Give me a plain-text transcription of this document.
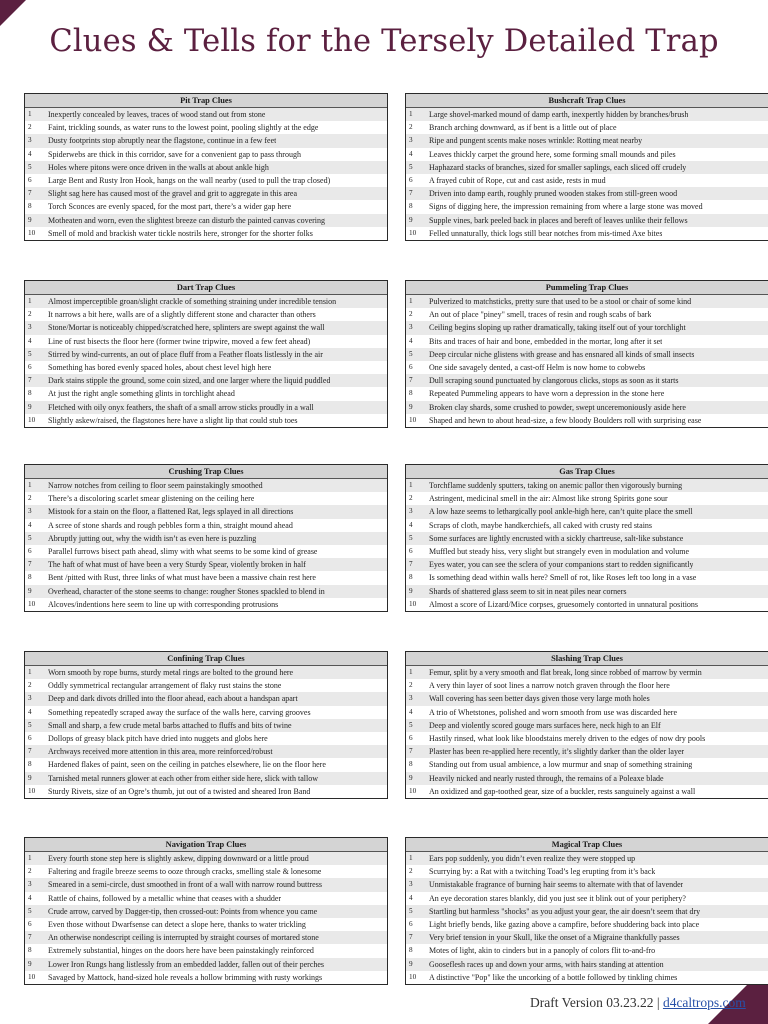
Clues & Tells for the Tersely Detailed Trap
Pit Trap Clues
1	Inexpertly concealed by leaves, traces of wood stand out from stone
2	Faint, trickling sounds, as water runs to the lowest point, pooling slightly at the edge
3	Dusty footprints stop abruptly near the flagstone, continue in a few feet
4	Spiderwebs are thick in this corridor, save for a convenient gap to pass through
5	Holes where pitons were once driven in the walls at about ankle high
6	Large Bent and Rusty Iron Hook, hangs on the wall nearby (used to pull the trap closed)
7	Slight sag here has caused most of the gravel and grit to aggregate in this area
8	Torch Sconces are evenly spaced, for the most part, there’s a wider gap here
9	Motheaten and worn, even the slightest breeze can disturb the painted canvas covering
10	Smell of mold and brackish water tickle nostrils here, stronger for the shorter folks
Bushcraft Trap Clues
1	Large shovel-marked mound of damp earth, inexpertly hidden by branches/brush
2	Branch arching downward, as if bent is a little out of place
3	Ripe and pungent scents make noses wrinkle: Rotting meat nearby
4	Leaves thickly carpet the ground here, some forming small mounds and piles
5	Haphazard stacks of branches, sized for smaller saplings, each sliced off crudely
6	A frayed cubit of Rope, cut and cast aside, rests in mud
7	Driven into damp earth, roughly pruned wooden stakes from still-green wood
8	Signs of digging here, the impression remaining from where a large stone was moved
9	Supple vines, bark peeled back in places and bereft of leaves unlike their fellows
10	Felled unnaturally, thick logs still bear notches from mis-timed Axe bites
Dart Trap Clues
1	Almost imperceptible groan/slight crackle of something straining under incredible tension
2	It narrows a bit here, walls are of a slightly different stone and character than others
3	Stone/Mortar is noticeably chipped/scratched here, splinters are swept against the wall
4	Line of rust bisects the floor here (former twine tripwire, moved a few feet ahead)
5	Stirred by wind-currents, an out of place fluff from a Feather floats listlessly in the air
6	Something has bored evenly spaced holes, about chest level high here
7	Dark stains stipple the ground, some coin sized, and one larger where the liquid puddled
8	At just the right angle something glints in torchlight ahead
9	Fletched with oily onyx feathers, the shaft of a small arrow sticks proudly in a wall
10	Slightly askew/raised, the flagstones here have a slight lip that could stub toes
Pummeling Trap Clues
1	Pulverized to matchsticks, pretty sure that used to be a stool or chair of some kind
2	An out of place "piney" smell, traces of resin and rough scabs of bark
3	Ceiling begins sloping up rather dramatically, taking itself out of your torchlight
4	Bits and traces of hair and bone, embedded in the mortar, long after it set
5	Deep circular niche glistens with grease and has ensnared all kinds of small insects
6	One side savagely dented, a cast-off Helm is now home to cobwebs
7	Dull scraping sound punctuated by clangorous clicks, stops as soon as it starts
8	Repeated Pummeling appears to have worn a depression in the stone here
9	Broken clay shards, some crushed to powder, swept unceremoniously aside here
10	Shaped and hewn to about head-size, a few bloody Boulders roll with surprising ease
Crushing Trap Clues
1	Narrow notches from ceiling to floor seem painstakingly smoothed
2	There’s a discoloring scarlet smear glistening on the ceiling here
3	Mistook for a stain on the floor, a flattened Rat, legs splayed in all directions
4	A scree of stone shards and rough pebbles form a thin, straight mound ahead
5	Abruptly jutting out, why the width isn’t as even here is puzzling
6	Parallel furrows bisect path ahead, slimy with what seems to be some kind of grease
7	The haft of what must of have been a very Sturdy Spear, violently broken in half
8	Bent /pitted with Rust, three links of what must have been a massive chain rest here
9	Overhead, character of the stone seems to change: rougher Stones spackled to blend in
10	Alcoves/indentions here seem to line up with corresponding protrusions
Gas Trap Clues
1	Torchflame suddenly sputters, taking on anemic pallor then vigorously burning
2	Astringent, medicinal smell in the air: Almost like strong Spirits gone sour
3	A low haze seems to lethargically pool ankle-high here, can’t quite place the smell
4	Scraps of cloth, maybe handkerchiefs, all caked with crusty red stains
5	Some surfaces are lightly encrusted with a sickly chartreuse, salt-like substance
6	Muffled but steady hiss, very slight but strangely even in modulation and volume
7	Eyes water, you can see the sclera of your companions start to redden significantly
8	Is something dead within walls here? Smell of rot, like Roses left too long in a vase
9	Shards of shattered glass seem to sit in neat piles near corners
10	Almost a score of Lizard/Mice corpses, gruesomely contorted in unnatural positions
Confining Trap Clues
1	Worn smooth by rope burns, sturdy metal rings are bolted to the ground here
2	Oddly symmetrical rectangular arrangement of flaky rust stains the stone
3	Deep and dark divots drilled into the floor ahead, each about a handspan apart
4	Something repeatedly scraped away the surface of the walls here, carving grooves
5	Small and sharp, a few crude metal barbs attached to fluffs and bits of twine
6	Dollops of greasy black pitch have dried into nuggets and globs here
7	Archways received more attention in this area, more reinforced/robust
8	Hardened flakes of paint, seen on the ceiling in patches elsewhere, lie on the floor here
9	Tarnished metal runners glower at each other from either side here, slick with tallow
10	Sturdy Rivets, size of an Ogre’s thumb, jut out of a twisted and sheared Iron Band
Slashing Trap Clues
1	Femur, split by a very smooth and flat break, long since robbed of marrow by vermin
2	A very thin layer of soot lines a narrow notch graven through the floor here
3	Wall covering has seen better days given those very large moth holes
4	A trio of Whetstones, polished and worn smooth from use was discarded here
5	Deep and violently scored gouge mars surfaces here, neck high to an Elf
6	Hastily rinsed, what look like bloodstains merely driven to the edges of now dry pools
7	Plaster has been re-applied here recently, it’s slightly darker than the older layer
8	Standing out from usual ambience, a low murmur and snap of something straining
9	Heavily nicked and nearly rusted through, the remains of a Poleaxe blade
10	An oxidized and gap-toothed gear, size of a buckler, rests sanguinely against a wall
Navigation Trap Clues
1	Every fourth stone step here is slightly askew, dipping downward or a little proud
2	Faltering and fragile breeze seems to ooze through cracks, smelling stale & lonesome
3	Smeared in a semi-circle, dust smoothed in front of a wall with narrow round buttress
4	Rattle of chains, followed by a metallic whine that ceases with a shudder
5	Crude arrow, carved by Dagger-tip, then crossed-out: Points from whence you came
6	Even those without Dwarfsense can detect a slope here, thanks to water trickling
7	An otherwise nondescript ceiling is interrupted by straight courses of mortared stone
8	Extremely substantial, hinges on the doors here have been painstakingly reinforced
9	Lower Iron Rungs hang listlessly from an embedded ladder, fallen out of their perches
10	Savaged by Mattock, hand-sized hole reveals a hollow brimming with rusty workings
Magical Trap Clues
1	Ears pop suddenly, you didn’t even realize they were stopped up
2	Scurrying by: a Rat with a twitching Toad’s leg erupting from it’s back
3	Unmistakable fragrance of burning hair seems to alternate with that of lavender
4	An eye decoration stares blankly, did you just see it blink out of your periphery?
5	Startling but harmless "shocks" as you adjust your gear, the air doesn’t seem that dry
6	Light briefly bends, like gazing above a campfire, before shuddering back into place
7	Very brief tension in your Skull, like the onset of a Migraine thankfully passes
8	Motes of light, akin to cinders but in a panoply of colors flit to-and-fro
9	Gooseflesh races up and down your arms, with hairs standing at attention
10	A distinctive "Pop" like the uncorking of a bottle followed by tinkling chimes
Draft Version 03.23.22 | d4caltrops.com
